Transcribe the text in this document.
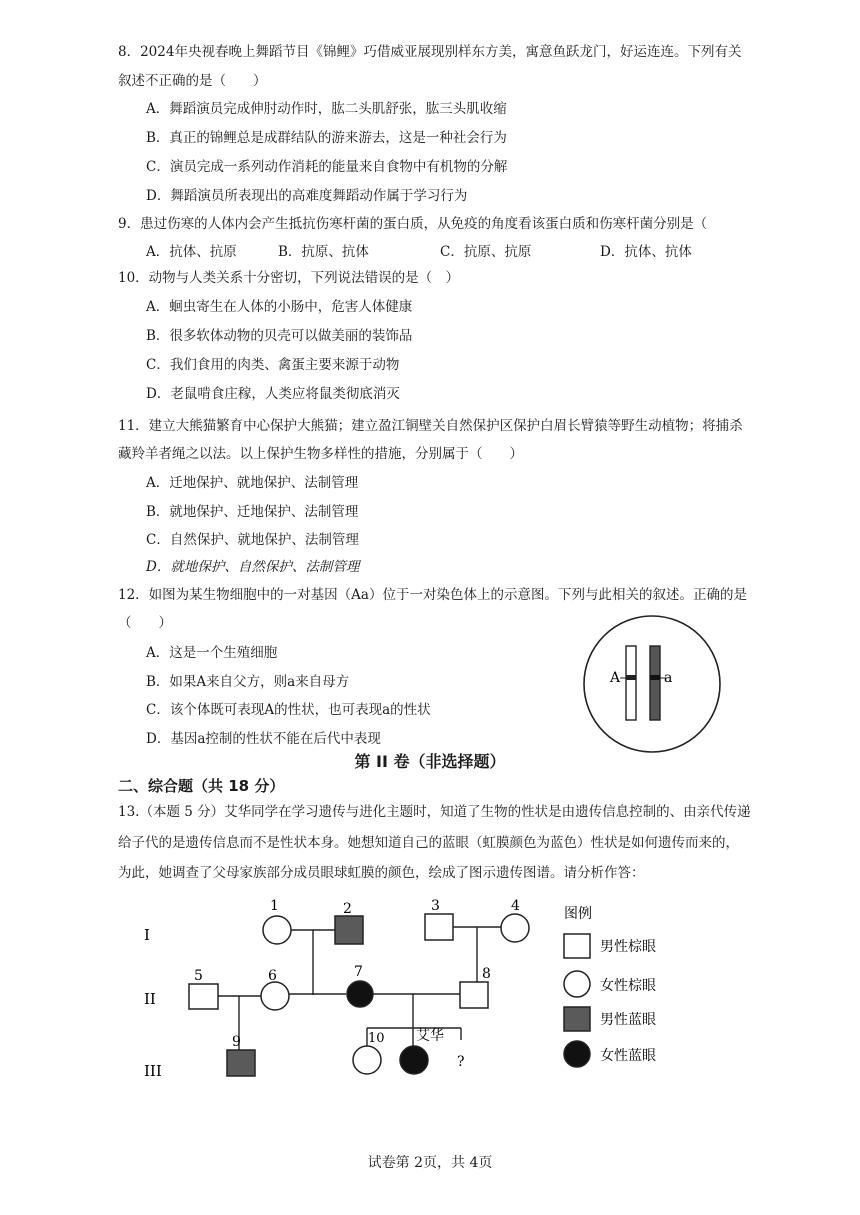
8．2024年央视春晚上舞蹈节目《锦鲤》巧借威亚展现别样东方美，寓意鱼跃龙门，好运连连。下列有关
叙述不正确的是（　　）
A．舞蹈演员完成伸肘动作时，肱二头肌舒张，肱三头肌收缩
B．真正的锦鲤总是成群结队的游来游去，这是一种社会行为
C．演员完成一系列动作消耗的能量来自食物中有机物的分解
D．舞蹈演员所表现出的高难度舞蹈动作属于学习行为
9．患过伤寒的人体内会产生抵抗伤寒杆菌的蛋白质，从免疫的角度看该蛋白质和伤寒杆菌分别是（
A．抗体、抗原	B．抗原、抗体	C．抗原、抗原	D．抗体、抗体
10．动物与人类关系十分密切，下列说法错误的是（　）
A．蛔虫寄生在人体的小肠中，危害人体健康
B．很多软体动物的贝壳可以做美丽的装饰品
C．我们食用的肉类、禽蛋主要来源于动物
D．老鼠啃食庄稼，人类应将鼠类彻底消灭
11．建立大熊猫繁育中心保护大熊猫；建立盈江铜壁关自然保护区保护白眉长臂猿等野生动植物；将捕杀
藏羚羊者绳之以法。以上保护生物多样性的措施，分别属于（　　）
A．迁地保护、就地保护、法制管理
B．就地保护、迁地保护、法制管理
C．自然保护、就地保护、法制管理
D．就地保护、自然保护、法制管理
12．如图为某生物细胞中的一对基因（Aa）位于一对染色体上的示意图。下列与此相关的叙述。正确的是
（　　）
A．这是一个生殖细胞
B．如果A来自父方，则a来自母方
C．该个体既可表现A的性状，也可表现a的性状
D．基因a控制的性状不能在后代中表现
A	a
第 II 卷（非选择题）
二、综合题（共 18 分）
13.（本题 5 分）艾华同学在学习遗传与进化主题时，知道了生物的性状是由遗传信息控制的、由亲代传递
给子代的是遗传信息而不是性状本身。她想知道自己的蓝眼（虹膜颜色为蓝色）性状是如何遗传而来的，
为此，她调查了父母家族部分成员眼球虹膜的颜色，绘成了图示遗传图谱。请分析作答：
I
II
III
1	2	3	4
5	6	7	8
9	10 艾华
?
图例
男性棕眼
女性棕眼
男性蓝眼
女性蓝眼
试卷第 2页，共 4页
